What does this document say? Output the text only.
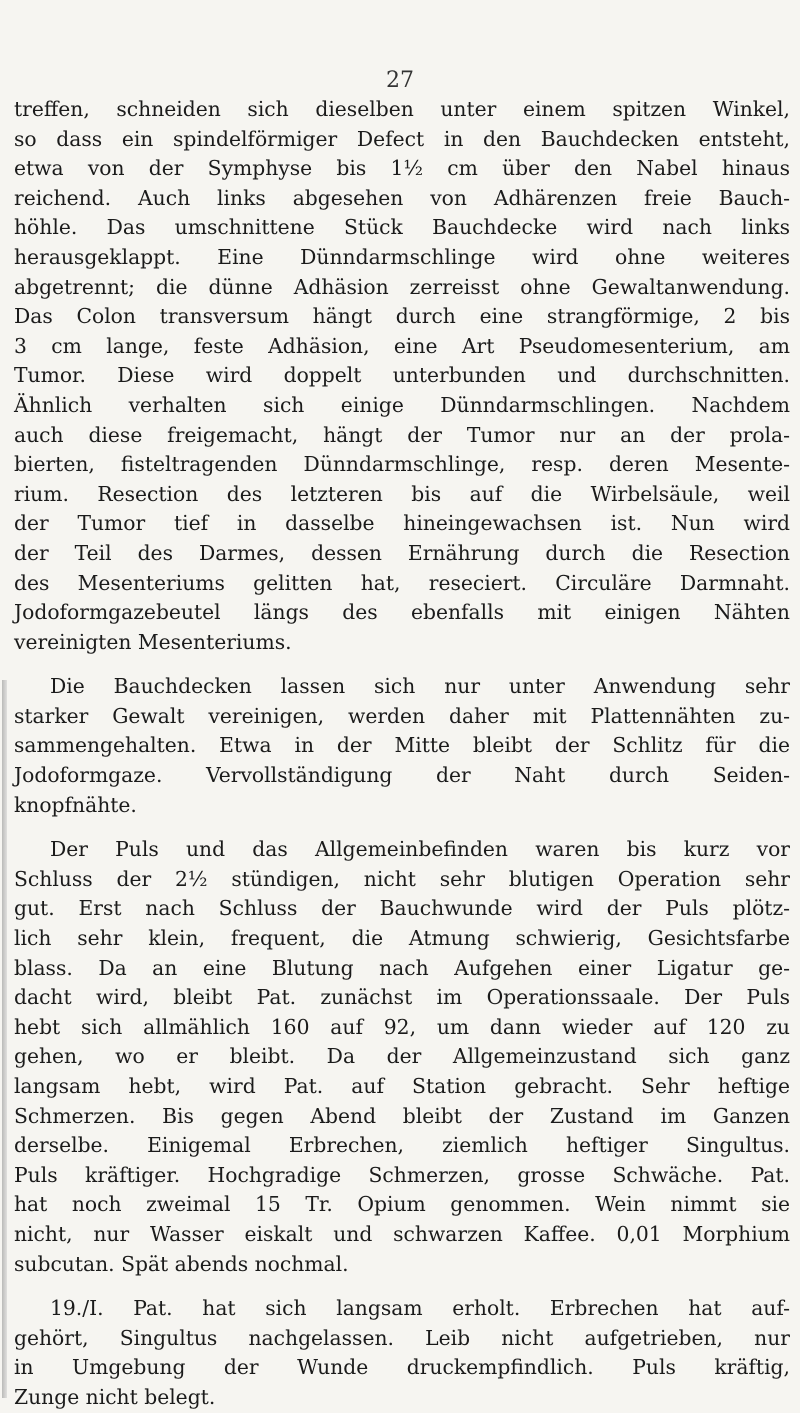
27
treffen, schneiden sich dieselben unter einem spitzen Winkel,
so dass ein spindelförmiger Defect in den Bauchdecken entsteht,
etwa von der Symphyse bis 1½ cm über den Nabel hinaus
reichend. Auch links abgesehen von Adhärenzen freie Bauch-
höhle. Das umschnittene Stück Bauchdecke wird nach links
herausgeklappt. Eine Dünndarmschlinge wird ohne weiteres
abgetrennt; die dünne Adhäsion zerreisst ohne Gewaltanwendung.
Das Colon transversum hängt durch eine strangförmige, 2 bis
3 cm lange, feste Adhäsion, eine Art Pseudomesenterium, am
Tumor. Diese wird doppelt unterbunden und durchschnitten.
Ähnlich verhalten sich einige Dünndarmschlingen. Nachdem
auch diese freigemacht, hängt der Tumor nur an der prola-
bierten, fisteltragenden Dünndarmschlinge, resp. deren Mesente-
rium. Resection des letzteren bis auf die Wirbelsäule, weil
der Tumor tief in dasselbe hineingewachsen ist. Nun wird
der Teil des Darmes, dessen Ernährung durch die Resection
des Mesenteriums gelitten hat, reseciert. Circuläre Darmnaht.
Jodoformgazebeutel längs des ebenfalls mit einigen Nähten
vereinigten Mesenteriums.
Die Bauchdecken lassen sich nur unter Anwendung sehr
starker Gewalt vereinigen, werden daher mit Plattennähten zu-
sammengehalten. Etwa in der Mitte bleibt der Schlitz für die
Jodoformgaze. Vervollständigung der Naht durch Seiden-
knopfnähte.
Der Puls und das Allgemeinbefinden waren bis kurz vor
Schluss der 2½ stündigen, nicht sehr blutigen Operation sehr
gut. Erst nach Schluss der Bauchwunde wird der Puls plötz-
lich sehr klein, frequent, die Atmung schwierig, Gesichtsfarbe
blass. Da an eine Blutung nach Aufgehen einer Ligatur ge-
dacht wird, bleibt Pat. zunächst im Operationssaale. Der Puls
hebt sich allmählich 160 auf 92, um dann wieder auf 120 zu
gehen, wo er bleibt. Da der Allgemeinzustand sich ganz
langsam hebt, wird Pat. auf Station gebracht. Sehr heftige
Schmerzen. Bis gegen Abend bleibt der Zustand im Ganzen
derselbe. Einigemal Erbrechen, ziemlich heftiger Singultus.
Puls kräftiger. Hochgradige Schmerzen, grosse Schwäche. Pat.
hat noch zweimal 15 Tr. Opium genommen. Wein nimmt sie
nicht, nur Wasser eiskalt und schwarzen Kaffee. 0,01 Morphium
subcutan. Spät abends nochmal.
19./I. Pat. hat sich langsam erholt. Erbrechen hat auf-
gehört, Singultus nachgelassen. Leib nicht aufgetrieben, nur
in Umgebung der Wunde druckempfindlich. Puls kräftig,
Zunge nicht belegt.
